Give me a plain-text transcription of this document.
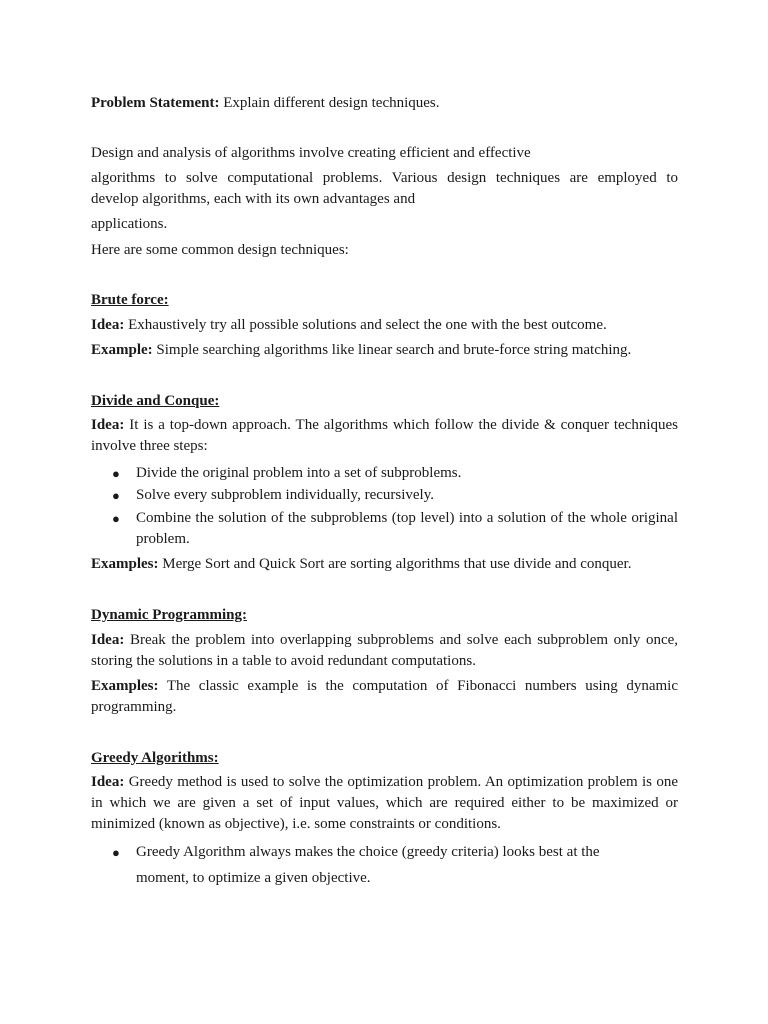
Problem Statement: Explain different design techniques.
Design and analysis of algorithms involve creating efficient and effective
algorithms to solve computational problems. Various design techniques are employed to
develop algorithms, each with its own advantages and
applications.
Here are some common design techniques:
Brute force:
Idea: Exhaustively try all possible solutions and select the one with the best outcome.
Example: Simple searching algorithms like linear search and brute-force string matching.
Divide and Conque:
Idea: It is a top-down approach. The algorithms which follow the divide & conquer techniques involve three steps:
● Divide the original problem into a set of subproblems.
● Solve every subproblem individually, recursively.
● Combine the solution of the subproblems (top level) into a solution of the whole original problem.
Examples: Merge Sort and Quick Sort are sorting algorithms that use divide and conquer.
Dynamic Programming:
Idea: Break the problem into overlapping subproblems and solve each subproblem only once, storing the solutions in a table to avoid redundant computations.
Examples: The classic example is the computation of Fibonacci numbers using dynamic programming.
Greedy Algorithms:
Idea: Greedy method is used to solve the optimization problem. An optimization problem is one in which we are given a set of input values, which are required either to be maximized or minimized (known as objective), i.e. some constraints or conditions.
● Greedy Algorithm always makes the choice (greedy criteria) looks best at the
moment, to optimize a given objective.
